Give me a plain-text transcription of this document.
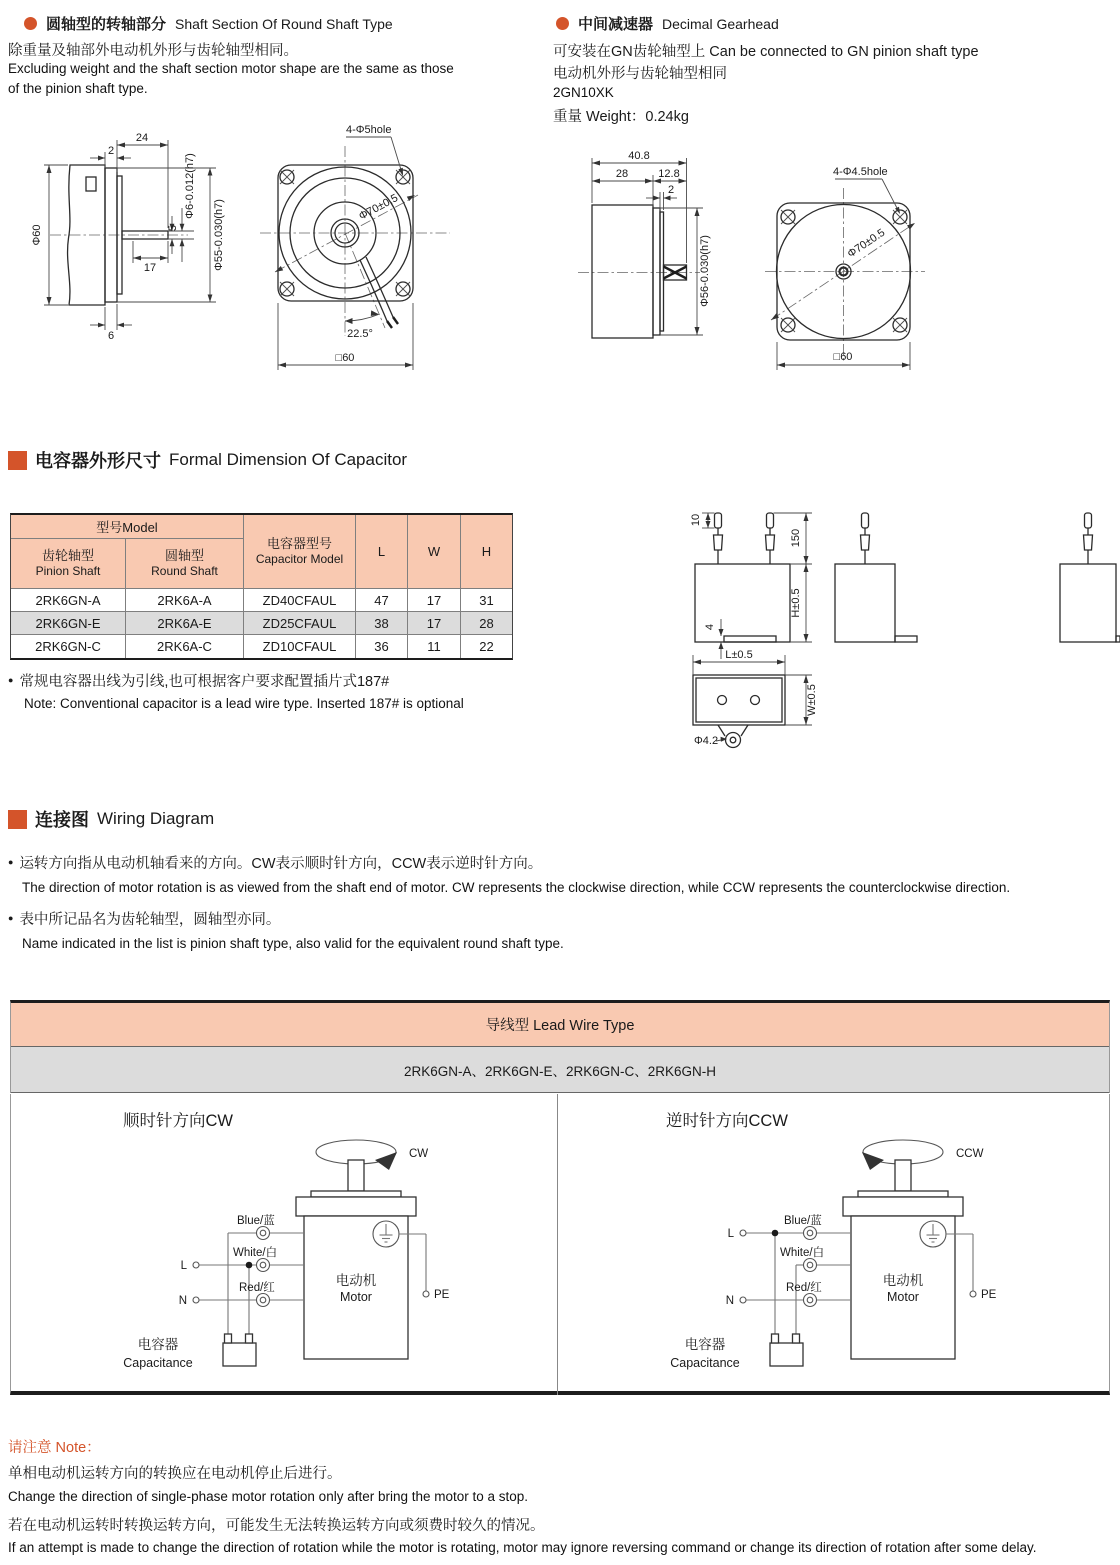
圆轴型的转轴部分 Shaft Section Of Round Shaft Type
除重量及轴部外电动机外形与齿轮轴型相同。
Excluding weight and the shaft section motor shape are the same as those
of the pinion shaft type.
24
2
Φ60	5
Φ6-0.012(h7)
Φ55-0.030(h7)
17
6
4-Φ5hole
Φ70±0.5
22.5°
□60
中间减速器 Decimal Gearhead
可安装在GN齿轮轴型上 Can be connected to GN pinion shaft type
电动机外形与齿轮轴型相同
2GN10XK
重量 Weight：0.24kg
40.8
28	12.8
2
Φ56-0.030(h7)
4-Φ4.5hole
Φ70±0.5
□60
电容器外形尺寸 Formal Dimension Of Capacitor
型号Model
电容器型号
Capacitor Model
L	W	H
齿轮轴型
Pinion Shaft
圆轴型
Round Shaft
2RK6GN-A	2RK6A-A	ZD40CFAUL	47	17	31
2RK6GN-E	2RK6A-E	ZD25CFAUL	38	17	28
2RK6GN-C	2RK6A-C	ZD10CFAUL	36	11	22
● 常规电容器出线为引线,也可根据客户要求配置插片式187#
Note: Conventional capacitor is a lead wire type. Inserted 187# is optional
10
150
H±0.5
4
L±0.5
W±0.5
Φ4.2
连接图 Wiring Diagram
● 运转方向指从电动机轴看来的方向。CW表示顺时针方向，CCW表示逆时针方向。
The direction of motor rotation is as viewed from the shaft end of motor. CW represents the clockwise direction, while CCW represents the counterclockwise direction.
● 表中所记品名为齿轮轴型，圆轴型亦同。
Name indicated in the list is pinion shaft type, also valid for the equivalent round shaft type.
导线型 Lead Wire Type
2RK6GN-A、2RK6GN-E、2RK6GN-C、2RK6GN-H
顺时针方向CW	逆时针方向CCW
CW
Blue/蓝
White/白
Red/红
L
N	PE
电动机
Motor
电容器
Capacitance
CCW
Blue/蓝
White/白
Red/红
L
N	PE
电动机
Motor
电容器
Capacitance
请注意 Note：
单相电动机运转方向的转换应在电动机停止后进行。
Change the direction of single-phase motor rotation only after bring the motor to a stop.
若在电动机运转时转换运转方向，可能发生无法转换运转方向或须费时较久的情况。
If an attempt is made to change the direction of rotation while the motor is rotating, motor may ignore reversing command or change its direction of rotation after some delay.
